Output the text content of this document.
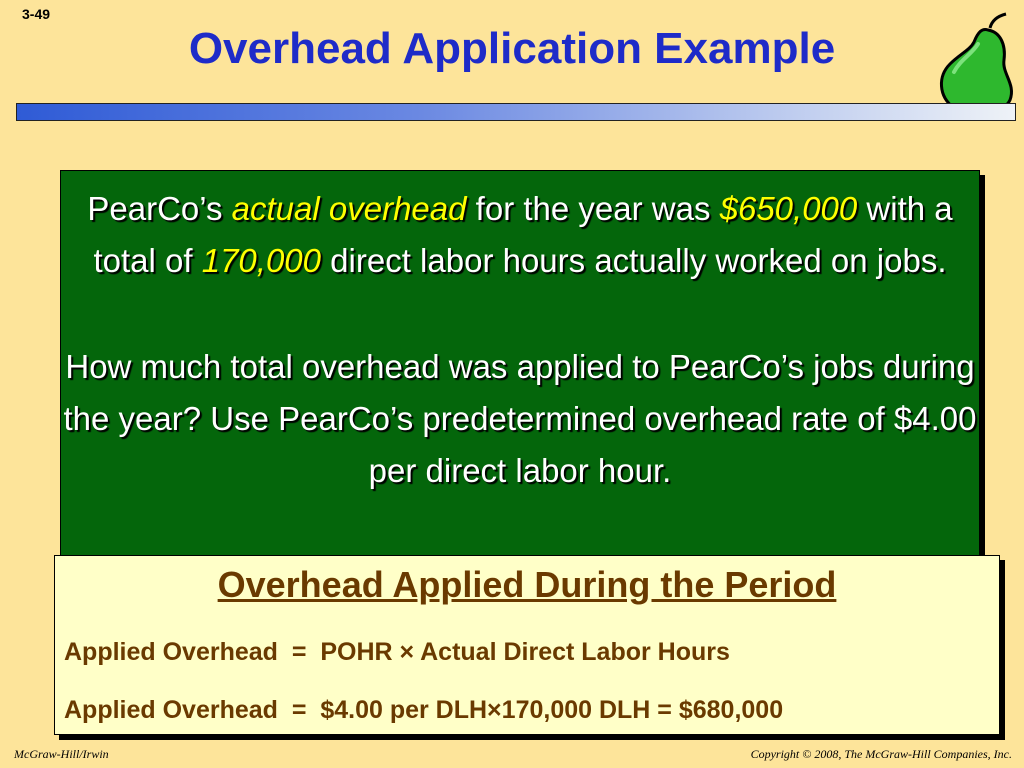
3-49
Overhead Application Example
PearCo’s actual overhead for the year was $650,000 with a total of 170,000 direct labor hours actually worked on jobs.
How much total overhead was applied to PearCo’s jobs during the year? Use PearCo’s predetermined overhead rate of $4.00 per direct labor hour.
Overhead Applied During the Period
Applied Overhead  =  POHR × Actual Direct Labor Hours
Applied Overhead  =  $4.00 per DLH×170,000 DLH = $680,000
McGraw-Hill/Irwin	Copyright © 2008, The McGraw-Hill Companies, Inc.
